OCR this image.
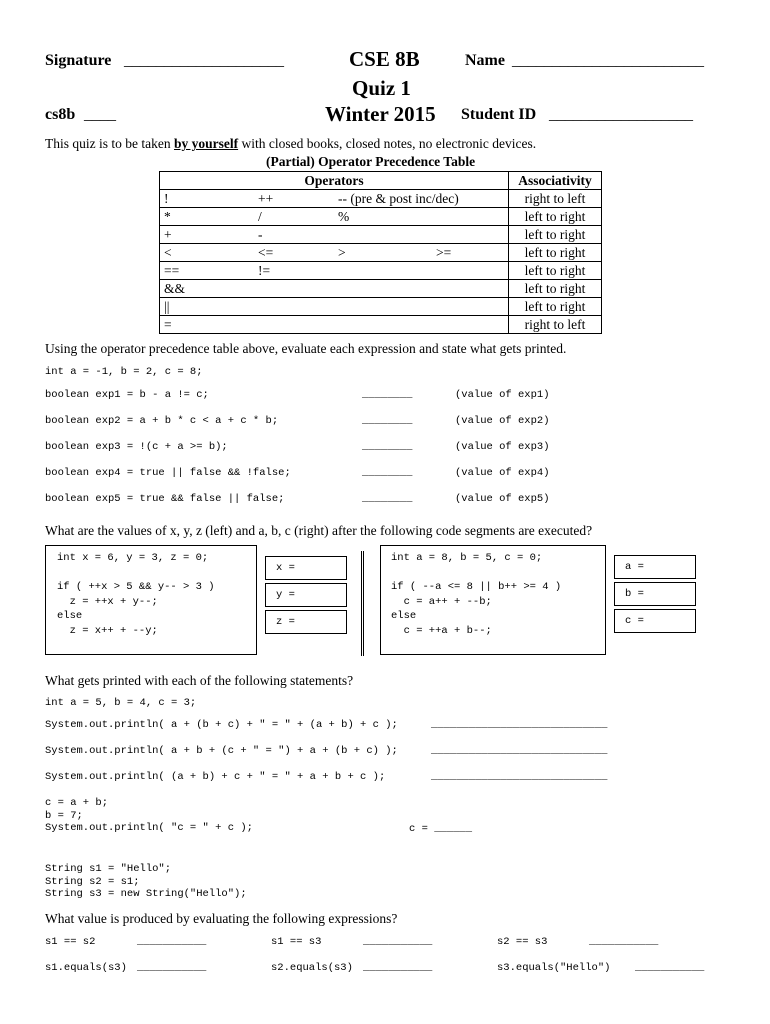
Signature ____________________	CSE 8B	Name ________________________
Quiz 1
cs8b ____	Winter 2015 Student ID __________________
This quiz is to be taken by yourself with closed books, closed notes, no electronic devices.
(Partial) Operator Precedence Table
Operators	Associativity

! ++ -- (pre & post inc/dec)	right to left

* / %	left to right

+ -	left to right

< <= > >=	left to right

== !=	left to right

&&	left to right

||	left to right

=	right to left
Using the operator precedence table above, evaluate each expression and state what gets printed.
int a = -1, b = 2, c = 8;
boolean exp1 = b - a != c;	________	(value of exp1)
boolean exp2 = a + b * c < a + c * b;	________	(value of exp2)
boolean exp3 = !(c + a >= b);	________	(value of exp3)
boolean exp4 = true || false && !false;	________	(value of exp4)
boolean exp5 = true && false || false;	________	(value of exp5)
What are the values of x, y, z (left) and a, b, c (right) after the following code segments are executed?
int x = 6, y = 3, z = 0;

if ( ++x > 5 && y-- > 3 )
z = ++x + y--;
else
z = x++ + --y;
x =
y =
z =
int a = 8, b = 5, c = 0;

if ( --a <= 8 || b++ >= 4 )
c = a++ + --b;
else
c = ++a + b--;
a =
b =
c =
What gets printed with each of the following statements?
int a = 5, b = 4, c = 3;
System.out.println( a + (b + c) + " = " + (a + b) + c );	____________________________
System.out.println( a + b + (c + " = ") + a + (b + c) );	____________________________
System.out.println( (a + b) + c + " = " + a + b + c );	____________________________
c = a + b;
b = 7;
System.out.println( "c = " + c );	c = ______
String s1 = "Hello";
String s2 = s1;
String s3 = new String("Hello");
What value is produced by evaluating the following expressions?
s1 == s2	___________	s1 == s3	___________	s2 == s3	___________
s1.equals(s3) ___________	s2.equals(s3) ___________	s3.equals("Hello") ___________
